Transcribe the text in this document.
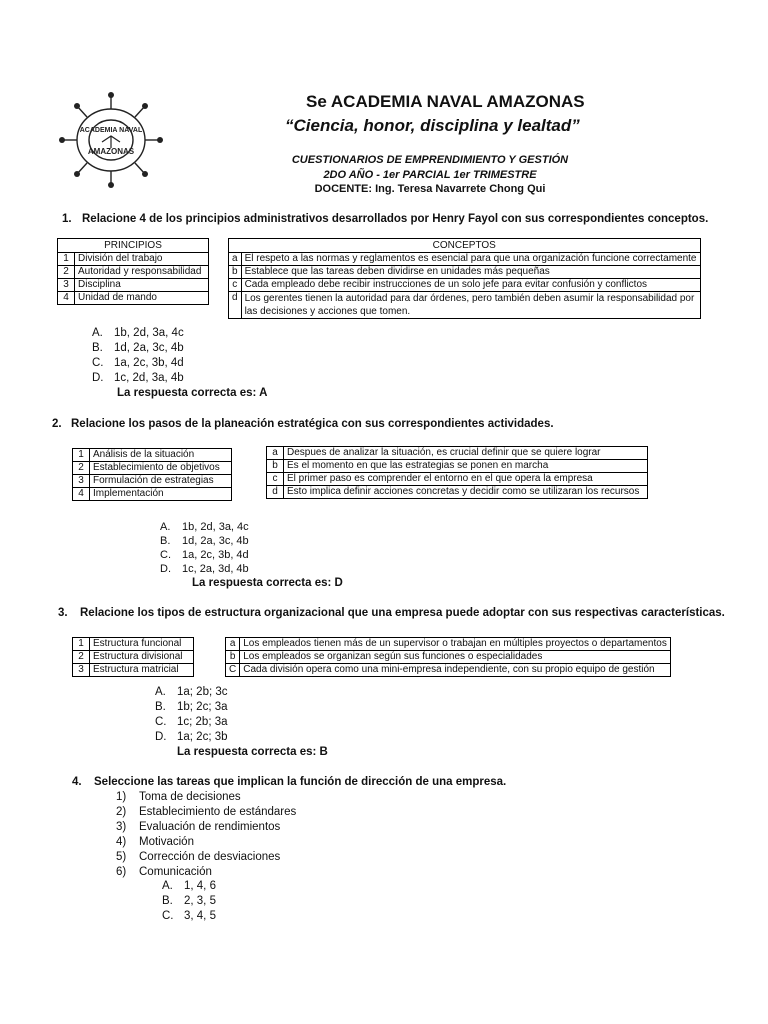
ACADEMIA NAVAL
AMAZONAS
Se ACADEMIA NAVAL AMAZONAS
“Ciencia, honor, disciplina y lealtad”
CUESTIONARIOS DE EMPRENDIMIENTO Y GESTIÓN
2DO AÑO - 1er PARCIAL 1er TRIMESTRE
DOCENTE: Ing. Teresa Navarrete Chong Qui
1. Relacione 4 de los principios administrativos desarrollados por Henry Fayol con sus correspondientes conceptos.
PRINCIPIOS	
1	División del trabajo
2	Autoridad y responsabilidad
3	Disciplina
4	Unidad de mando
CONCEPTOS	
a	El respeto a las normas y reglamentos es esencial para que una organización funcione correctamente
b	Establece que las tareas deben dividirse en unidades más pequeñas
c	Cada empleado debe recibir instrucciones de un solo jefe para evitar confusión y conflictos
d	Los gerentes tienen la autoridad para dar órdenes, pero también deben asumir la responsabilidad por las decisiones y acciones que tomen.
A. 1b, 2d, 3a, 4c
B. 1d, 2a, 3c, 4b
C. 1a, 2c, 3b, 4d
D. 1c, 2d, 3a, 4b
La respuesta correcta es: A
2. Relacione los pasos de la planeación estratégica con sus correspondientes actividades.
1	Análisis de la situación
2	Establecimiento de objetivos
3	Formulación de estrategias
4	Implementación
a	Despues de analizar la situación, es crucial definir que se quiere lograr
b	Es el momento en que las estrategias se ponen en marcha
c	El primer paso es comprender el entorno en el que opera la empresa
d	Esto implica definir acciones concretas y decidir como se utilizaran los recursos
A. 1b, 2d, 3a, 4c
B. 1d, 2a, 3c, 4b
C. 1a, 2c, 3b, 4d
D. 1c, 2a, 3d, 4b
La respuesta correcta es: D
3. Relacione los tipos de estructura organizacional que una empresa puede adoptar con sus respectivas características.
1	Estructura funcional
2	Estructura divisional
3	Estructura matricial
a	Los empleados tienen más de un supervisor o trabajan en múltiples proyectos o departamentos
b	Los empleados se organizan según sus funciones o especialidades
C	Cada división opera como una mini-empresa independiente, con su propio equipo de gestión
A. 1a; 2b; 3c
B. 1b; 2c; 3a
C. 1c; 2b; 3a
D. 1a; 2c; 3b
La respuesta correcta es: B
4. Seleccione las tareas que implican la función de dirección de una empresa.
1) Toma de decisiones
2) Establecimiento de estándares
3) Evaluación de rendimientos
4) Motivación
5) Corrección de desviaciones
6) Comunicación
A. 1, 4, 6
B. 2, 3, 5
C. 3, 4, 5
